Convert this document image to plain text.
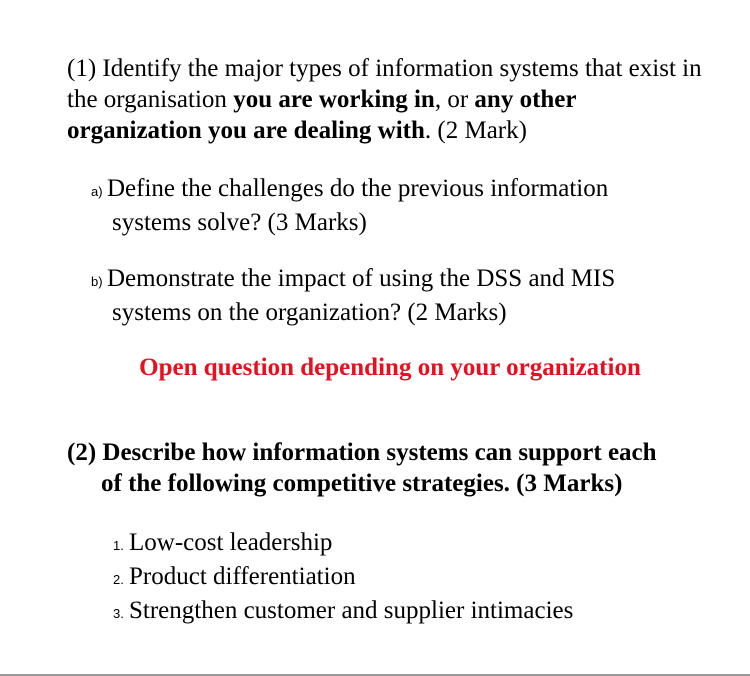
(1) Identify the major types of information systems that exist in the organisation you are working in, or any other organization you are dealing with. (2 Mark)
a) Define the challenges do the previous information
systems solve? (3 Marks)
b) Demonstrate the impact of using the DSS and MIS
systems on the organization? (2 Marks)
Open question depending on your organization
(2) Describe how information systems can support each
of the following competitive strategies. (3 Marks)
1. Low-cost leadership
2. Product differentiation
3. Strengthen customer and supplier intimacies
